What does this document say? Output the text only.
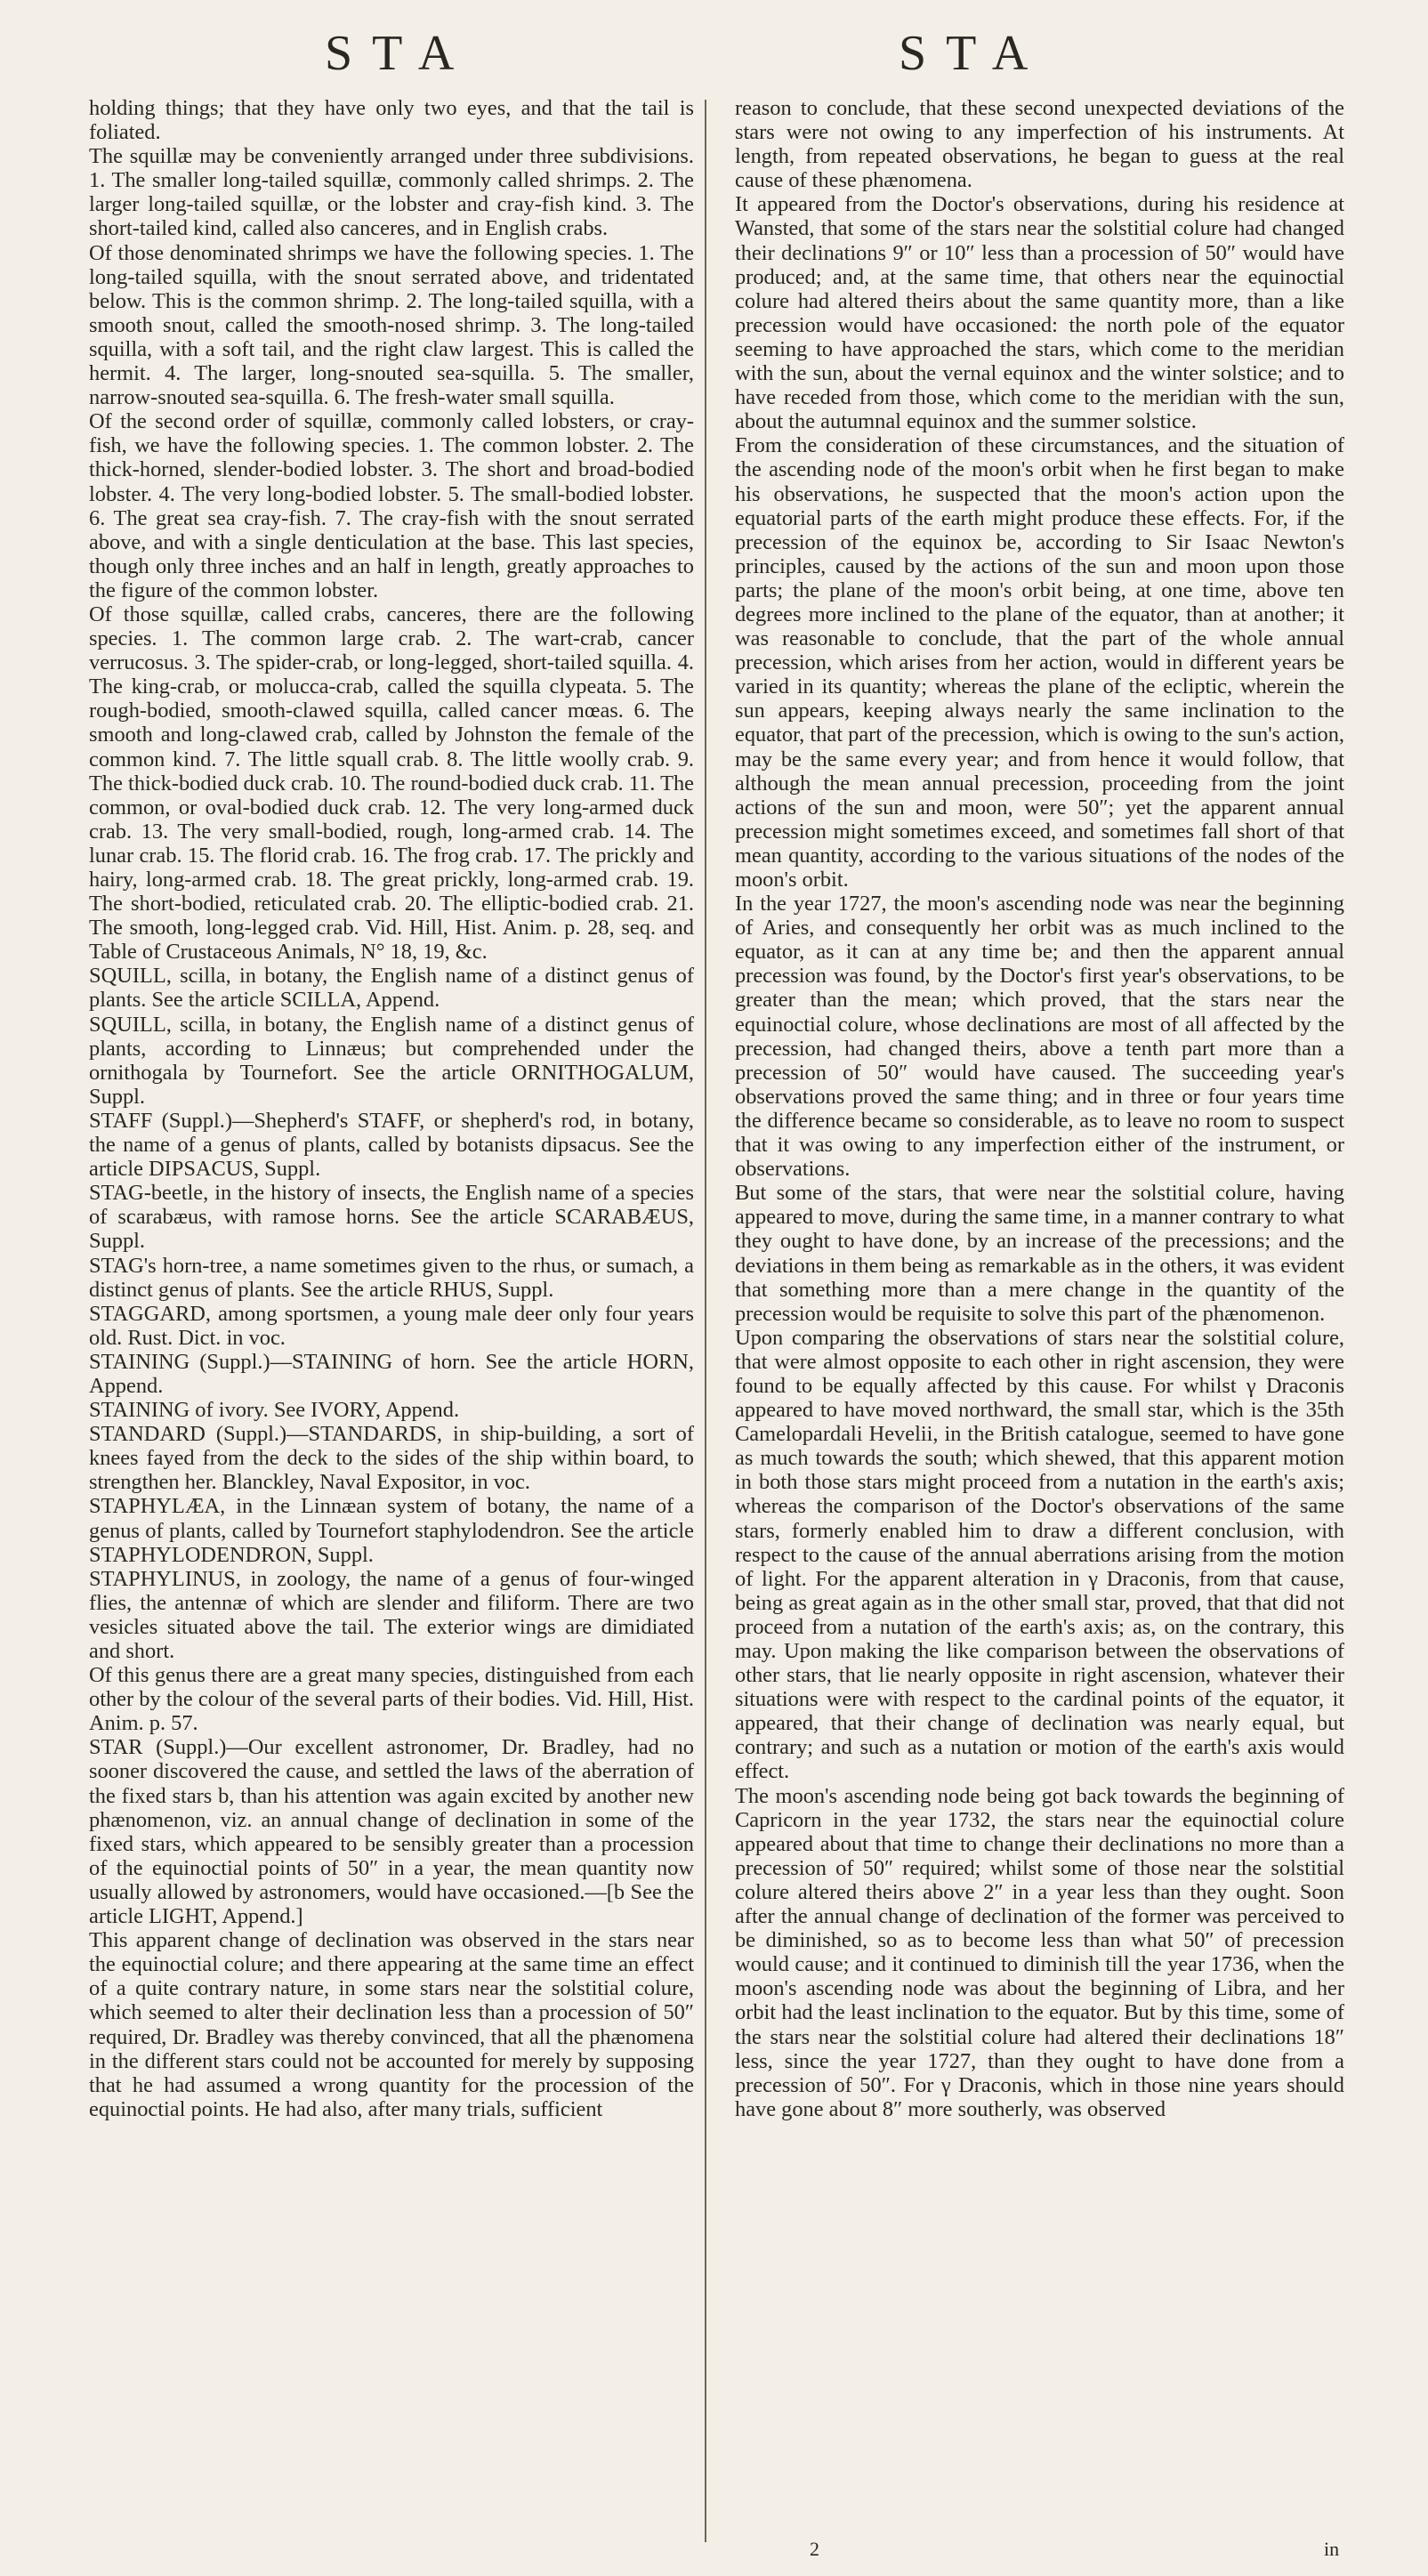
STA	STA

holding things; that they have only two eyes, and that the tail is foliated.

The squillæ may be conveniently arranged under three subdivisions. 1. The smaller long-tailed squillæ, commonly called shrimps. 2. The larger long-tailed squillæ, or the lobster and cray-fish kind. 3. The short-tailed kind, called also canceres, and in English crabs.

Of those denominated shrimps we have the following species. 1. The long-tailed squilla, with the snout serrated above, and tridentated below. This is the common shrimp. 2. The long-tailed squilla, with a smooth snout, called the smooth-nosed shrimp. 3. The long-tailed squilla, with a soft tail, and the right claw largest. This is called the hermit. 4. The larger, long-snouted sea-squilla. 5. The smaller, narrow-snouted sea-squilla. 6. The fresh-water small squilla.

Of the second order of squillæ, commonly called lobsters, or cray-fish, we have the following species. 1. The common lobster. 2. The thick-horned, slender-bodied lobster. 3. The short and broad-bodied lobster. 4. The very long-bodied lobster. 5. The small-bodied lobster. 6. The great sea cray-fish. 7. The cray-fish with the snout serrated above, and with a single denticulation at the base. This last species, though only three inches and an half in length, greatly approaches to the figure of the common lobster.

Of those squillæ, called crabs, canceres, there are the following species. 1. The common large crab. 2. The wart-crab, cancer verrucosus. 3. The spider-crab, or long-legged, short-tailed squilla. 4. The king-crab, or molucca-crab, called the squilla clypeata. 5. The rough-bodied, smooth-clawed squilla, called cancer mœas. 6. The smooth and long-clawed crab, called by Johnston the female of the common kind. 7. The little squall crab. 8. The little woolly crab. 9. The thick-bodied duck crab. 10. The round-bodied duck crab. 11. The common, or oval-bodied duck crab. 12. The very long-armed duck crab. 13. The very small-bodied, rough, long-armed crab. 14. The lunar crab. 15. The florid crab. 16. The frog crab. 17. The prickly and hairy, long-armed crab. 18. The great prickly, long-armed crab. 19. The short-bodied, reticulated crab. 20. The elliptic-bodied crab. 21. The smooth, long-legged crab. Vid. Hill, Hist. Anim. p. 28, seq. and Table of Crustaceous Animals, N° 18, 19, &c.

SQUILL, scilla, in botany, the English name of a distinct genus of plants. See the article SCILLA, Append.

SQUILL, scilla, in botany, the English name of a distinct genus of plants, according to Linnæus; but comprehended under the ornithogala by Tournefort. See the article ORNITHOGALUM, Suppl.

STAFF (Suppl.)—Shepherd's STAFF, or shepherd's rod, in botany, the name of a genus of plants, called by botanists dipsacus. See the article DIPSACUS, Suppl.

STAG-beetle, in the history of insects, the English name of a species of scarabæus, with ramose horns. See the article SCARABÆUS, Suppl.

STAG's horn-tree, a name sometimes given to the rhus, or sumach, a distinct genus of plants. See the article RHUS, Suppl.

STAGGARD, among sportsmen, a young male deer only four years old. Rust. Dict. in voc.

STAINING (Suppl.)—STAINING of horn. See the article HORN, Append.

STAINING of ivory. See IVORY, Append.

STANDARD (Suppl.)—STANDARDS, in ship-building, a sort of knees fayed from the deck to the sides of the ship within board, to strengthen her. Blanckley, Naval Expositor, in voc.

STAPHYLÆA, in the Linnæan system of botany, the name of a genus of plants, called by Tournefort staphylodendron. See the article STAPHYLODENDRON, Suppl.

STAPHYLINUS, in zoology, the name of a genus of four-winged flies, the antennæ of which are slender and filiform. There are two vesicles situated above the tail. The exterior wings are dimidiated and short.

Of this genus there are a great many species, distinguished from each other by the colour of the several parts of their bodies. Vid. Hill, Hist. Anim. p. 57.

STAR (Suppl.)—Our excellent astronomer, Dr. Bradley, had no sooner discovered the cause, and settled the laws of the aberration of the fixed stars b, than his attention was again excited by another new phænomenon, viz. an annual change of declination in some of the fixed stars, which appeared to be sensibly greater than a procession of the equinoctial points of 50″ in a year, the mean quantity now usually allowed by astronomers, would have occasioned.—[b See the article LIGHT, Append.]

This apparent change of declination was observed in the stars near the equinoctial colure; and there appearing at the same time an effect of a quite contrary nature, in some stars near the solstitial colure, which seemed to alter their declination less than a procession of 50″ required, Dr. Bradley was thereby convinced, that all the phænomena in the different stars could not be accounted for merely by supposing that he had assumed a wrong quantity for the procession of the equinoctial points. He had also, after many trials, sufficient

reason to conclude, that these second unexpected deviations of the stars were not owing to any imperfection of his instruments. At length, from repeated observations, he began to guess at the real cause of these phænomena.

It appeared from the Doctor's observations, during his residence at Wansted, that some of the stars near the solstitial colure had changed their declinations 9″ or 10″ less than a procession of 50″ would have produced; and, at the same time, that others near the equinoctial colure had altered theirs about the same quantity more, than a like precession would have occasioned: the north pole of the equator seeming to have approached the stars, which come to the meridian with the sun, about the vernal equinox and the winter solstice; and to have receded from those, which come to the meridian with the sun, about the autumnal equinox and the summer solstice.

From the consideration of these circumstances, and the situation of the ascending node of the moon's orbit when he first began to make his observations, he suspected that the moon's action upon the equatorial parts of the earth might produce these effects. For, if the precession of the equinox be, according to Sir Isaac Newton's principles, caused by the actions of the sun and moon upon those parts; the plane of the moon's orbit being, at one time, above ten degrees more inclined to the plane of the equator, than at another; it was reasonable to conclude, that the part of the whole annual precession, which arises from her action, would in different years be varied in its quantity; whereas the plane of the ecliptic, wherein the sun appears, keeping always nearly the same inclination to the equator, that part of the precession, which is owing to the sun's action, may be the same every year; and from hence it would follow, that although the mean annual precession, proceeding from the joint actions of the sun and moon, were 50″; yet the apparent annual precession might sometimes exceed, and sometimes fall short of that mean quantity, according to the various situations of the nodes of the moon's orbit.

In the year 1727, the moon's ascending node was near the beginning of Aries, and consequently her orbit was as much inclined to the equator, as it can at any time be; and then the apparent annual precession was found, by the Doctor's first year's observations, to be greater than the mean; which proved, that the stars near the equinoctial colure, whose declinations are most of all affected by the precession, had changed theirs, above a tenth part more than a precession of 50″ would have caused. The succeeding year's observations proved the same thing; and in three or four years time the difference became so considerable, as to leave no room to suspect that it was owing to any imperfection either of the instrument, or observations.

But some of the stars, that were near the solstitial colure, having appeared to move, during the same time, in a manner contrary to what they ought to have done, by an increase of the precessions; and the deviations in them being as remarkable as in the others, it was evident that something more than a mere change in the quantity of the precession would be requisite to solve this part of the phænomenon.

Upon comparing the observations of stars near the solstitial colure, that were almost opposite to each other in right ascension, they were found to be equally affected by this cause. For whilst γ Draconis appeared to have moved northward, the small star, which is the 35th Camelopardali Hevelii, in the British catalogue, seemed to have gone as much towards the south; which shewed, that this apparent motion in both those stars might proceed from a nutation in the earth's axis; whereas the comparison of the Doctor's observations of the same stars, formerly enabled him to draw a different conclusion, with respect to the cause of the annual aberrations arising from the motion of light. For the apparent alteration in γ Draconis, from that cause, being as great again as in the other small star, proved, that that did not proceed from a nutation of the earth's axis; as, on the contrary, this may. Upon making the like comparison between the observations of other stars, that lie nearly opposite in right ascension, whatever their situations were with respect to the cardinal points of the equator, it appeared, that their change of declination was nearly equal, but contrary; and such as a nutation or motion of the earth's axis would effect.

The moon's ascending node being got back towards the beginning of Capricorn in the year 1732, the stars near the equinoctial colure appeared about that time to change their declinations no more than a precession of 50″ required; whilst some of those near the solstitial colure altered theirs above 2″ in a year less than they ought. Soon after the annual change of declination of the former was perceived to be diminished, so as to become less than what 50″ of precession would cause; and it continued to diminish till the year 1736, when the moon's ascending node was about the beginning of Libra, and her orbit had the least inclination to the equator. But by this time, some of the stars near the solstitial colure had altered their declinations 18″ less, since the year 1727, than they ought to have done from a precession of 50″. For γ Draconis, which in those nine years should have gone about 8″ more southerly, was observed

2	in
